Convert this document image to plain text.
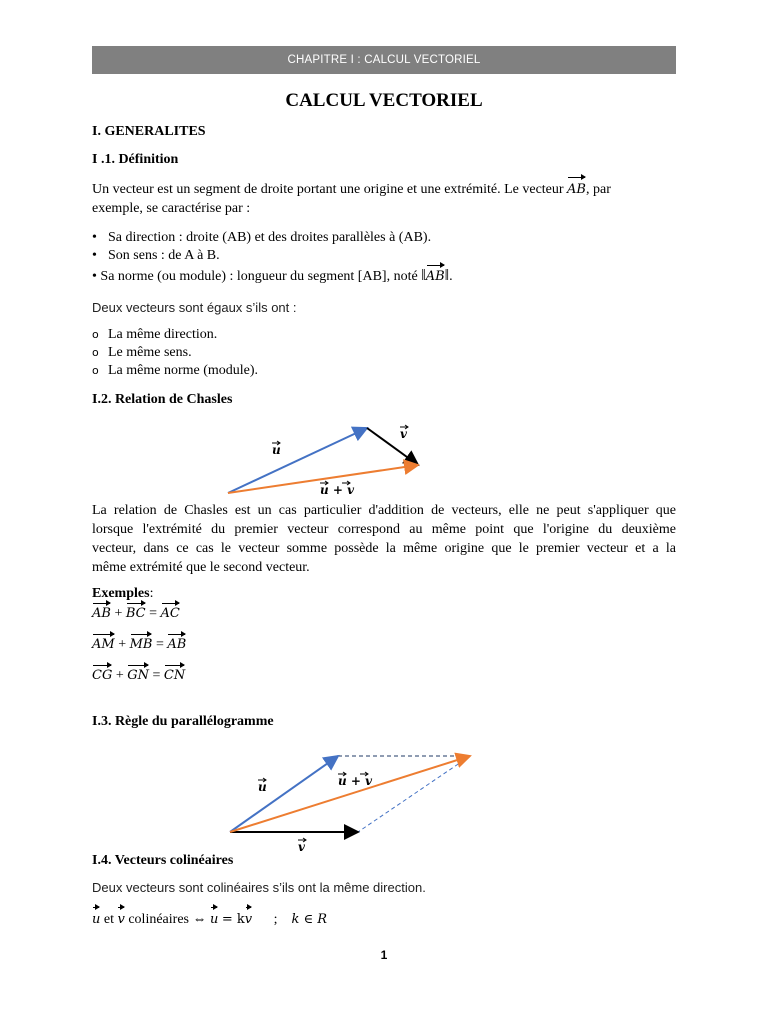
CHAPITRE I : CALCUL VECTORIEL
CALCUL VECTORIEL
I. GENERALITES
I .1. Définition
Un vecteur est un segment de droite portant une origine et une extrémité. Le vecteur AB, par
exemple, se caractérise par :
• Sa direction : droite (AB) et des droites parallèles à (AB).
• Son sens : de A à B.
• Sa norme (ou module) : longueur du segment [AB], noté ‖AB‖.
Deux vecteurs sont égaux s’ils ont :
o La même direction.
o Le même sens.
o La même norme (module).
I.2. Relation de Chasles
u
v
u + v
La relation de Chasles est un cas particulier d'addition de vecteurs, elle ne peut s'appliquer que
lorsque l'extrémité du premier vecteur correspond au même point que l'origine du deuxième
vecteur, dans ce cas le vecteur somme possède la même origine que le premier vecteur et a la
même extrémité que le second vecteur.
Exemples:
AB + BC = AC
AM + MB = AB
CG + GN = CN
I.3. Règle du parallélogramme
u
v
u + v
I.4. Vecteurs colinéaires
Deux vecteurs sont colinéaires s’ils ont la même direction.
u et v colinéaires ⇔ u = kv ; k ∈ R
1
